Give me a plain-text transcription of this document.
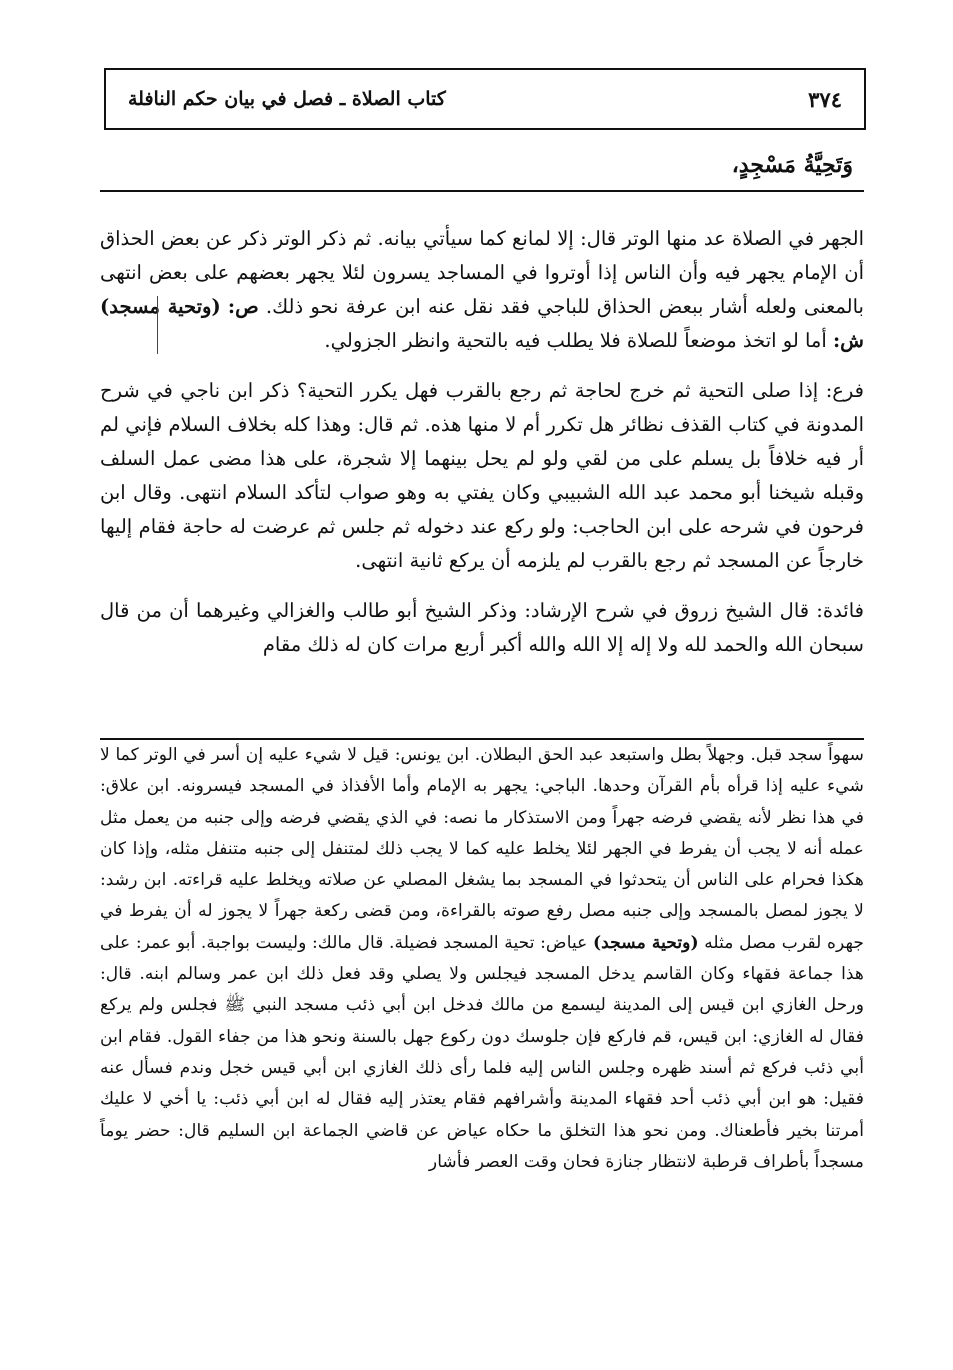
٣٧٤
كتاب الصلاة ـ فصل في بيان حكم النافلة
وَتَحِيَّةُ مَسْجِدٍ،

الجهر في الصلاة عد منها الوتر قال: إلا لمانع كما سيأتي بيانه. ثم ذكر الوتر ذكر عن بعض الحذاق أن الإمام يجهر فيه وأن الناس إذا أوتروا في المساجد يسرون لئلا يجهر بعضهم على بعض انتهى بالمعنى ولعله أشار ببعض الحذاق للباجي فقد نقل عنه ابن عرفة نحو ذلك. ص: (وتحية مسجد) ش: أما لو اتخذ موضعاً للصلاة فلا يطلب فيه بالتحية وانظر الجزولي.

فرع: إذا صلى التحية ثم خرج لحاجة ثم رجع بالقرب فهل يكرر التحية؟ ذكر ابن ناجي في شرح المدونة في كتاب القذف نظائر هل تكرر أم لا منها هذه. ثم قال: وهذا كله بخلاف السلام فإني لم أر فيه خلافاً بل يسلم على من لقي ولو لم يحل بينهما إلا شجرة، على هذا مضى عمل السلف وقبله شيخنا أبو محمد عبد الله الشبيبي وكان يفتي به وهو صواب لتأكد السلام انتهى. وقال ابن فرحون في شرحه على ابن الحاجب: ولو ركع عند دخوله ثم جلس ثم عرضت له حاجة فقام إليها خارجاً عن المسجد ثم رجع بالقرب لم يلزمه أن يركع ثانية انتهى.

فائدة: قال الشيخ زروق في شرح الإرشاد: وذكر الشيخ أبو طالب والغزالي وغيرهما أن من قال سبحان الله والحمد لله ولا إله إلا الله والله أكبر أربع مرات كان له ذلك مقام

سهواً سجد قبل. وجهلاً بطل واستبعد عبد الحق البطلان. ابن يونس: قيل لا شيء عليه إن أسر في الوتر كما لا شيء عليه إذا قرأه بأم القرآن وحدها. الباجي: يجهر به الإمام وأما الأفذاذ في المسجد فيسرونه. ابن علاق: في هذا نظر لأنه يقضي فرضه جهراً ومن الاستذكار ما نصه: في الذي يقضي فرضه وإلى جنبه من يعمل مثل عمله أنه لا يجب أن يفرط في الجهر لئلا يخلط عليه كما لا يجب ذلك لمتنفل إلى جنبه متنفل مثله، وإذا كان هكذا فحرام على الناس أن يتحدثوا في المسجد بما يشغل المصلي عن صلاته ويخلط عليه قراءته. ابن رشد: لا يجوز لمصل بالمسجد وإلى جنبه مصل رفع صوته بالقراءة، ومن قضى ركعة جهراً لا يجوز له أن يفرط في جهره لقرب مصل مثله (وتحية مسجد) عياض: تحية المسجد فضيلة. قال مالك: وليست بواجبة. أبو عمر: على هذا جماعة فقهاء وكان القاسم يدخل المسجد فيجلس ولا يصلي وقد فعل ذلك ابن عمر وسالم ابنه. قال: ورحل الغازي ابن قيس إلى المدينة ليسمع من مالك فدخل ابن أبي ذئب مسجد النبي ﷺ فجلس ولم يركع فقال له الغازي: ابن قيس، قم فاركع فإن جلوسك دون ركوع جهل بالسنة ونحو هذا من جفاء القول. فقام ابن أبي ذئب فركع ثم أسند ظهره وجلس الناس إليه فلما رأى ذلك الغازي ابن أبي قيس خجل وندم فسأل عنه فقيل: هو ابن أبي ذئب أحد فقهاء المدينة وأشرافهم فقام يعتذر إليه فقال له ابن أبي ذئب: يا أخي لا عليك أمرتنا بخير فأطعناك. ومن نحو هذا التخلق ما حكاه عياض عن قاضي الجماعة ابن السليم قال: حضر يوماً مسجداً بأطراف قرطبة لانتظار جنازة فحان وقت العصر فأشار
